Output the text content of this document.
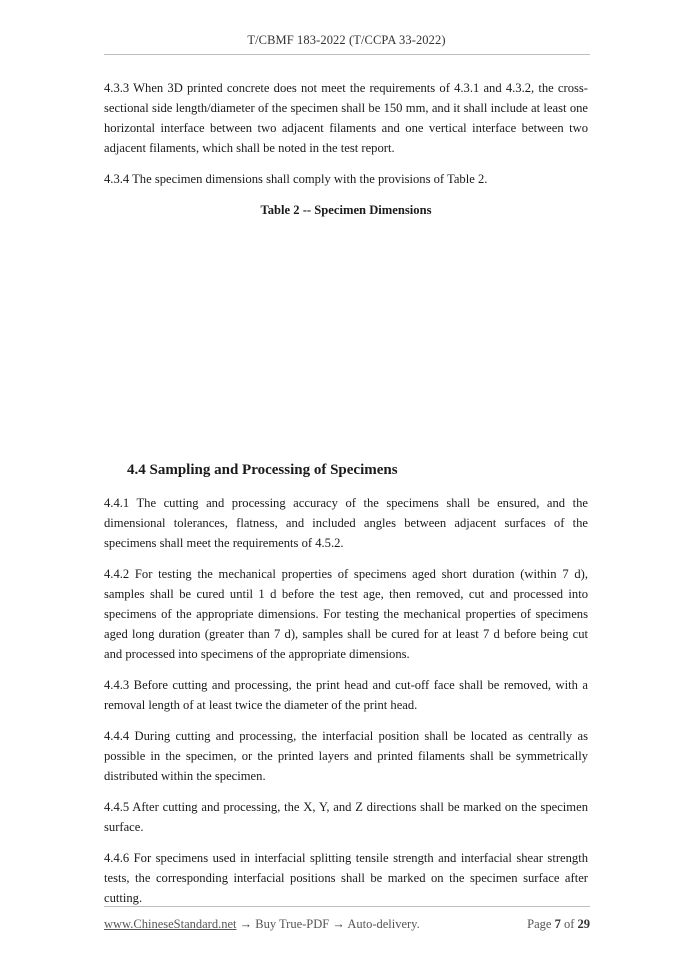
T/CBMF 183-2022 (T/CCPA 33-2022)

4.3.3 When 3D printed concrete does not meet the requirements of 4.3.1 and 4.3.2, the cross-sectional side length/diameter of the specimen shall be 150 mm, and it shall include at least one horizontal interface between two adjacent filaments and one vertical interface between two adjacent filaments, which shall be noted in the test report.

4.3.4 The specimen dimensions shall comply with the provisions of Table 2.

Table 2 -- Specimen Dimensions

4.4 Sampling and Processing of Specimens

4.4.1 The cutting and processing accuracy of the specimens shall be ensured, and the dimensional tolerances, flatness, and included angles between adjacent surfaces of the specimens shall meet the requirements of 4.5.2.

4.4.2 For testing the mechanical properties of specimens aged short duration (within 7 d), samples shall be cured until 1 d before the test age, then removed, cut and processed into specimens of the appropriate dimensions. For testing the mechanical properties of specimens aged long duration (greater than 7 d), samples shall be cured for at least 7 d before being cut and processed into specimens of the appropriate dimensions.

4.4.3 Before cutting and processing, the print head and cut-off face shall be removed, with a removal length of at least twice the diameter of the print head.

4.4.4 During cutting and processing, the interfacial position shall be located as centrally as possible in the specimen, or the printed layers and printed filaments shall be symmetrically distributed within the specimen.

4.4.5 After cutting and processing, the X, Y, and Z directions shall be marked on the specimen surface.

4.4.6 For specimens used in interfacial splitting tensile strength and interfacial shear strength tests, the corresponding interfacial positions shall be marked on the specimen surface after cutting.

www.ChineseStandard.net → Buy True-PDF → Auto-delivery.	Page 7 of 29
